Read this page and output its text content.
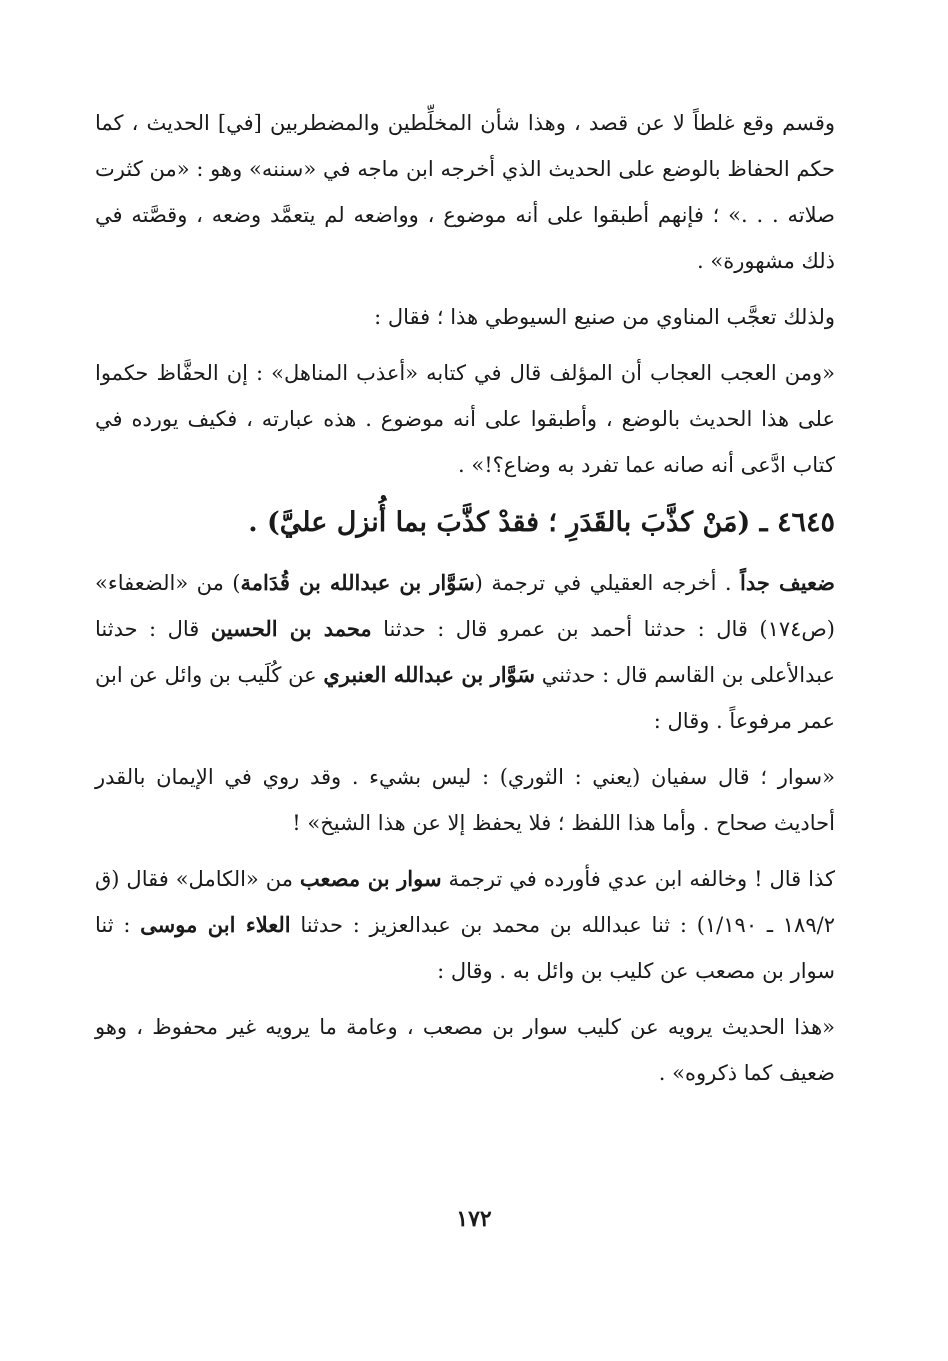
وقسم وقع غلطاً لا عن قصد ، وهذا شأن المخلِّطين والمضطربين [في] الحديث ، كما حكم الحفاظ بالوضع على الحديث الذي أخرجه ابن ماجه في «سننه» وهو : «من كثرت صلاته . . .» ؛ فإنهم أطبقوا على أنه موضوع ، وواضعه لم يتعمَّد وضعه ، وقصَّته في ذلك مشهورة» .

ولذلك تعجَّب المناوي من صنيع السيوطي هذا ؛ فقال :

«ومن العجب العجاب أن المؤلف قال في كتابه «أعذب المناهل» : إن الحفَّاظ حكموا على هذا الحديث بالوضع ، وأطبقوا على أنه موضوع . هذه عبارته ، فكيف يورده في كتاب ادَّعى أنه صانه عما تفرد به وضاع؟!» .

٤٦٤٥ ـ (مَنْ كذَّبَ بالقَدَرِ ؛ فقدْ كذَّبَ بما أُنزل عليَّ) .

ضعيف جداً . أخرجه العقيلي في ترجمة (سَوَّار بن عبدالله بن قُدَامة) من «الضعفاء» (ص١٧٤) قال : حدثنا أحمد بن عمرو قال : حدثنا محمد بن الحسين قال : حدثنا عبدالأعلى بن القاسم قال : حدثني سَوَّار بن عبدالله العنبري عن كُلَيب بن وائل عن ابن عمر مرفوعاً . وقال :

«سوار ؛ قال سفيان (يعني : الثوري) : ليس بشيء . وقد روي في الإيمان بالقدر أحاديث صحاح . وأما هذا اللفظ ؛ فلا يحفظ إلا عن هذا الشيخ» !

كذا قال ! وخالفه ابن عدي فأورده في ترجمة سوار بن مصعب من «الكامل» فقال (ق ١٨٩/٢ ـ ١/١٩٠) : ثنا عبدالله بن محمد بن عبدالعزيز : حدثنا العلاء ابن موسى : ثنا سوار بن مصعب عن كليب بن وائل به . وقال :

«هذا الحديث يرويه عن كليب سوار بن مصعب ، وعامة ما يرويه غير محفوظ ، وهو ضعيف كما ذكروه» .

١٧٢
